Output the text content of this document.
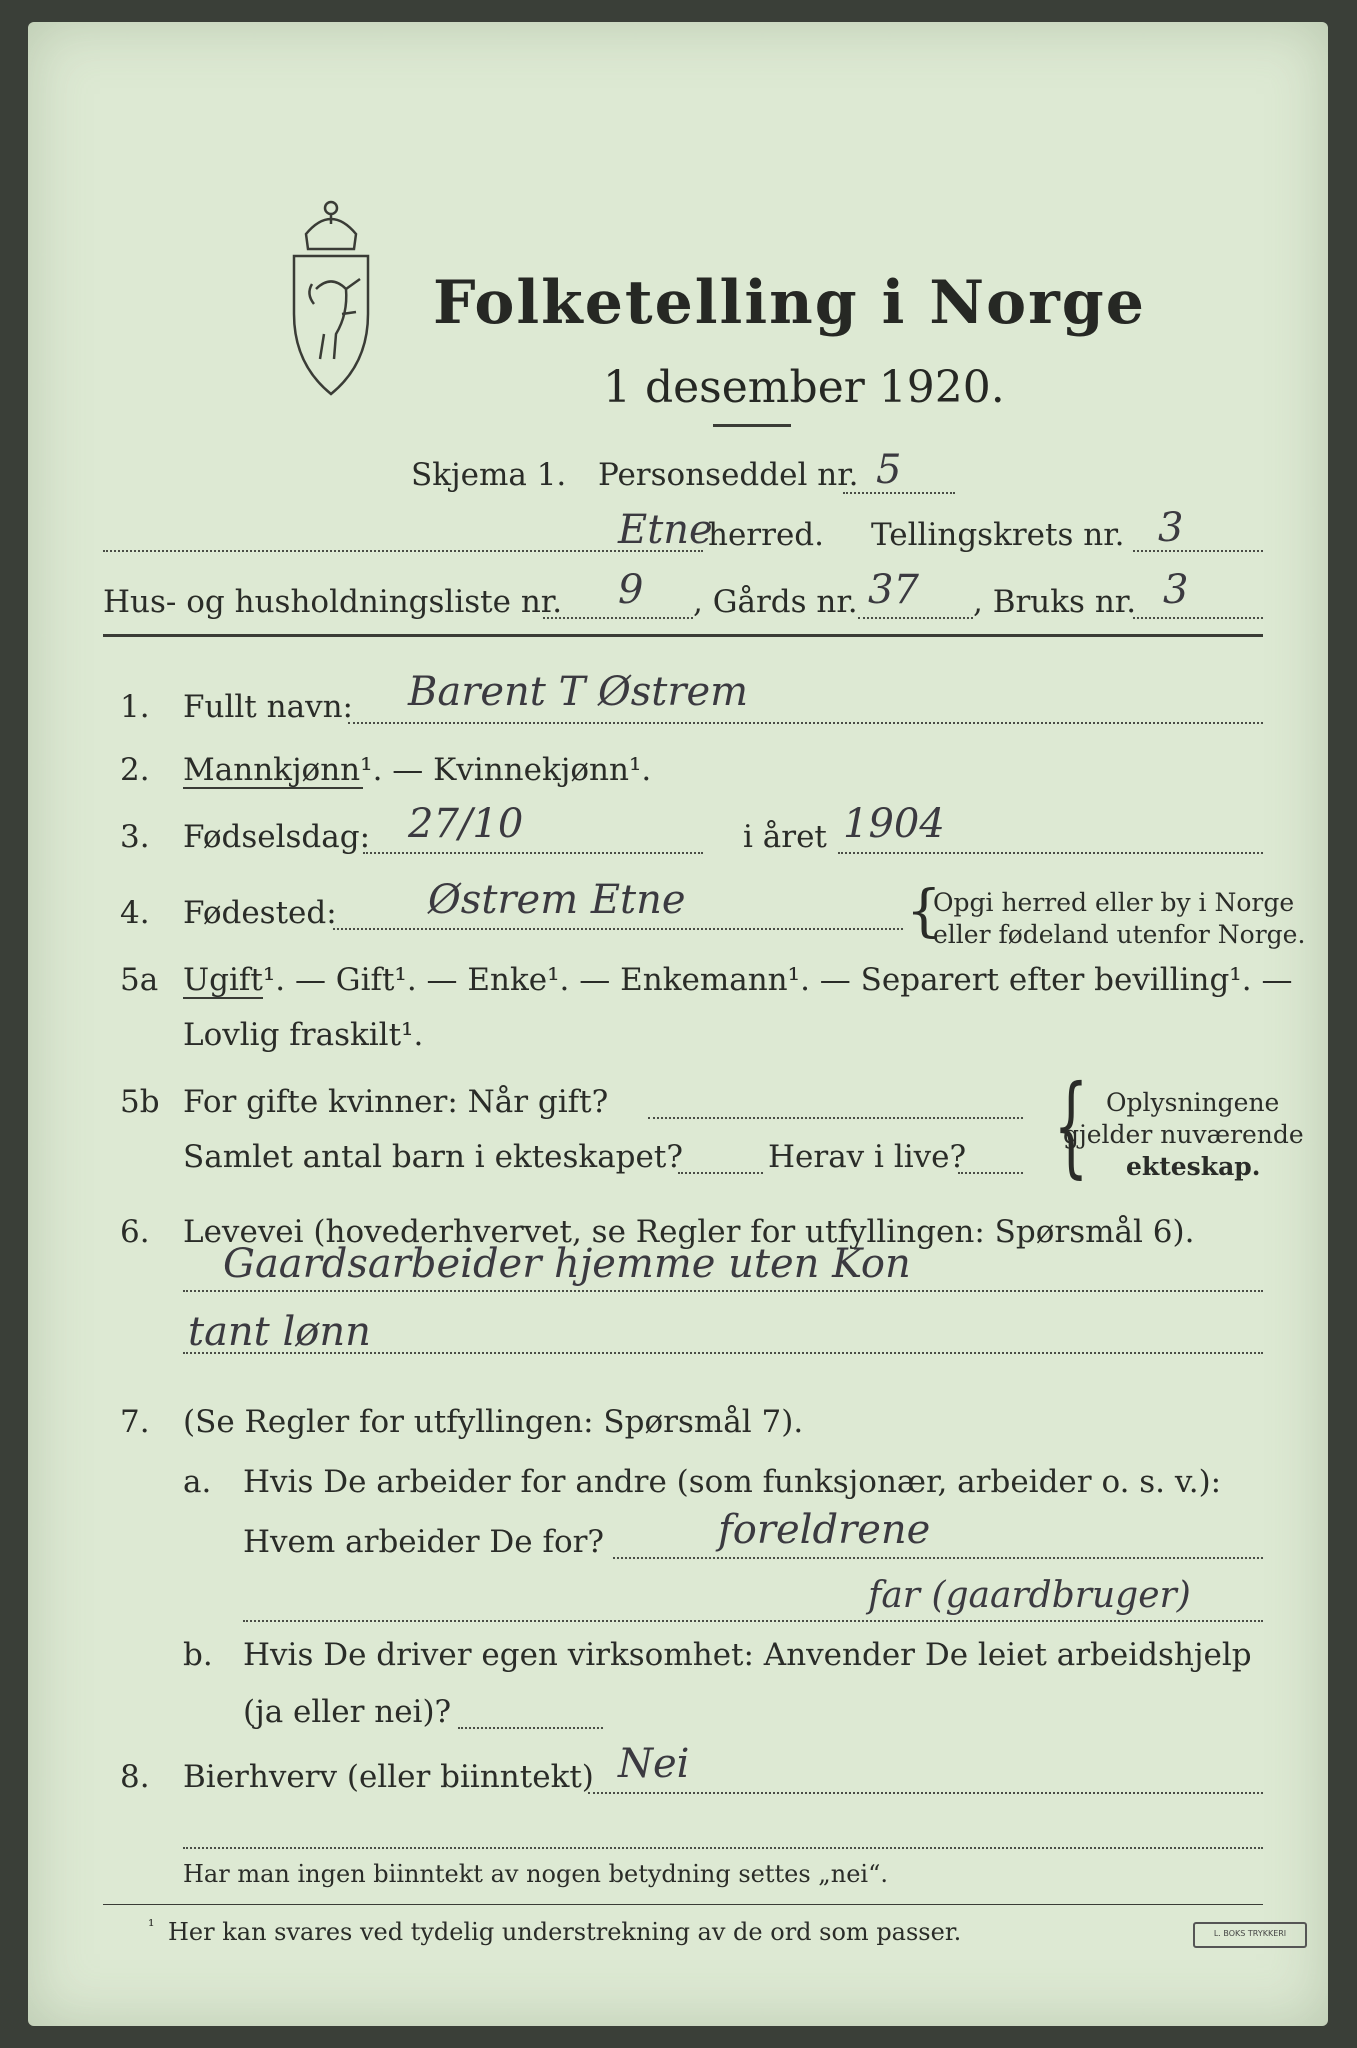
Folketelling i Norge
1 desember 1920.
Skjema 1. Personseddel nr. 5
Etne
herred. Tellingskrets nr. 3
Hus- og husholdningsliste nr. 9 , Gårds nr. 37 , Bruks nr. 3
1. Fullt navn: Barent T Østrem
2. Mannkjønn¹. — Kvinnekjønn¹.
3. Fødselsdag: 27/10	i året 1904
4. Fødested: Østrem Etne	{
Opgi herred eller by i Norge
eller fødeland utenfor Norge.
5a Ugift¹. — Gift¹. — Enke¹. — Enkemann¹. — Separert efter bevilling¹. —
Lovlig fraskilt¹.
5b For gifte kvinner: Når gift?
Samlet antal barn i ekteskapet?	Herav i live? { Oplysningene
gjelder nuværende
ekteskap.
6. Levevei (hovederhvervet, se Regler for utfyllingen: Spørsmål 6).
Gaardsarbeider hjemme uten Kon
tant lønn
7. (Se Regler for utfyllingen: Spørsmål 7).
a. Hvis De arbeider for andre (som funksjonær, arbeider o. s. v.):
Hvem arbeider De for?	foreldrene
far (gaardbruger)
b. Hvis De driver egen virksomhet: Anvender De leiet arbeidshjelp
(ja eller nei)?
8. Bierhverv (eller biinntekt) Nei
Har man ingen biinntekt av nogen betydning settes „nei“.
¹ Her kan svares ved tydelig understrekning av de ord som passer.	L. BOKS TRYKKERI
